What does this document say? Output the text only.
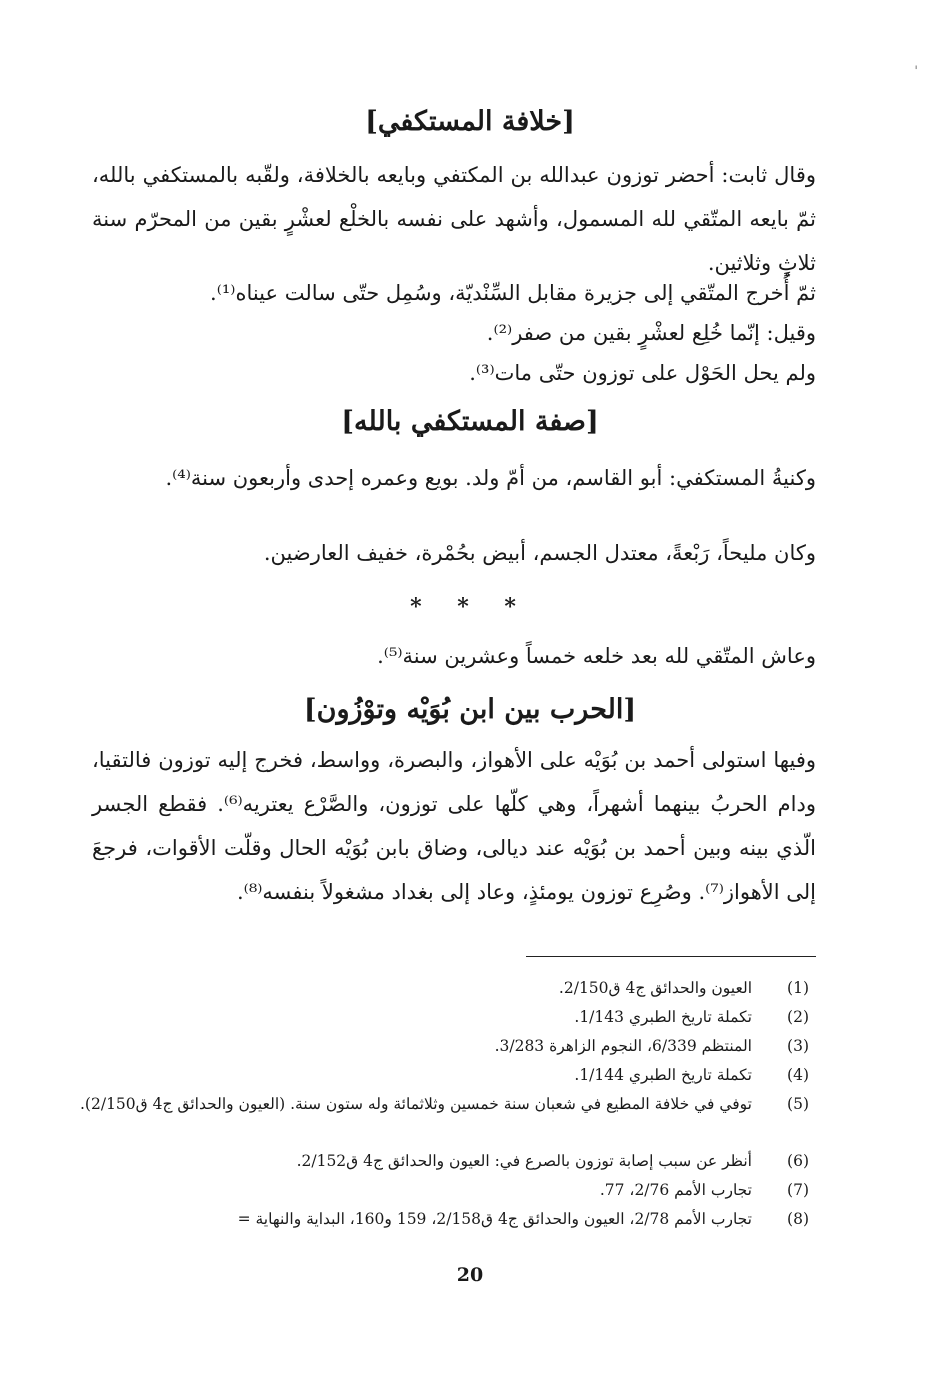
'
[خلافة المستكفي]
وقال ثابت: أحضر توزون عبدالله بن المكتفي وبايعه بالخلافة، ولقّبه بالمستكفي بالله، ثمّ بايعه المتّقي لله المسمول، وأشهد على نفسه بالخلْع لعشْرٍ بقين من المحرّم سنة ثلاثٍ وثلاثين.
ثمّ أُخرج المتّقي إلى جزيرة مقابل السِّنْديّة، وسُمِل حتّى سالت عيناه⁽¹⁾.
وقيل: إنّما خُلِع لعشْرٍ بقين من صفر⁽²⁾.
ولم يحل الحَوْل على توزون حتّى مات⁽³⁾.
[صفة المستكفي بالله]
وكنيةُ المستكفي: أبو القاسم، من أمّ ولد. بويع وعمره إحدى وأربعون سنة⁽⁴⁾.
وكان مليحاً، رَبْعةً، معتدل الجسم، أبيض بحُمْرة، خفيف العارضين.
* * *
وعاش المتّقي لله بعد خلعه خمساً وعشرين سنة⁽⁵⁾.
[الحرب بين ابن بُوَيْه وتوْزُون]
وفيها استولى أحمد بن بُوَيْه على الأهواز، والبصرة، وواسط، فخرج إليه توزون فالتقيا، ودام الحربُ بينهما أشهراً، وهي كلّها على توزون، والصَّرْع يعتريه⁽⁶⁾. فقطع الجسر الّذي بينه وبين أحمد بن بُوَيْه عند ديالى، وضاق بابن بُوَيْه الحال وقلّت الأقوات، فرجعَ إلى الأهواز⁽⁷⁾. وصُرِع توزون يومئذٍ، وعاد إلى بغداد مشغولاً بنفسه⁽⁸⁾.
(1)
العيون والحدائق ج4 ق2/150.
(2)
تكملة تاريخ الطبري 1/143.
(3)
المنتظم 6/339، النجوم الزاهرة 3/283.
(4)
تكملة تاريخ الطبري 1/144.
(5)
توفي في خلافة المطيع في شعبان سنة خمسين وثلاثمائة وله ستون سنة. (العيون والحدائق ج4 ق2/150).
(6)
أنظر عن سبب إصابة توزون بالصرع في: العيون والحدائق ج4 ق2/152.
(7)
تجارب الأمم 2/76، 77.
(8)
تجارب الأمم 2/78، العيون والحدائق ج4 ق2/158، 159 و160، البداية والنهاية =
20
